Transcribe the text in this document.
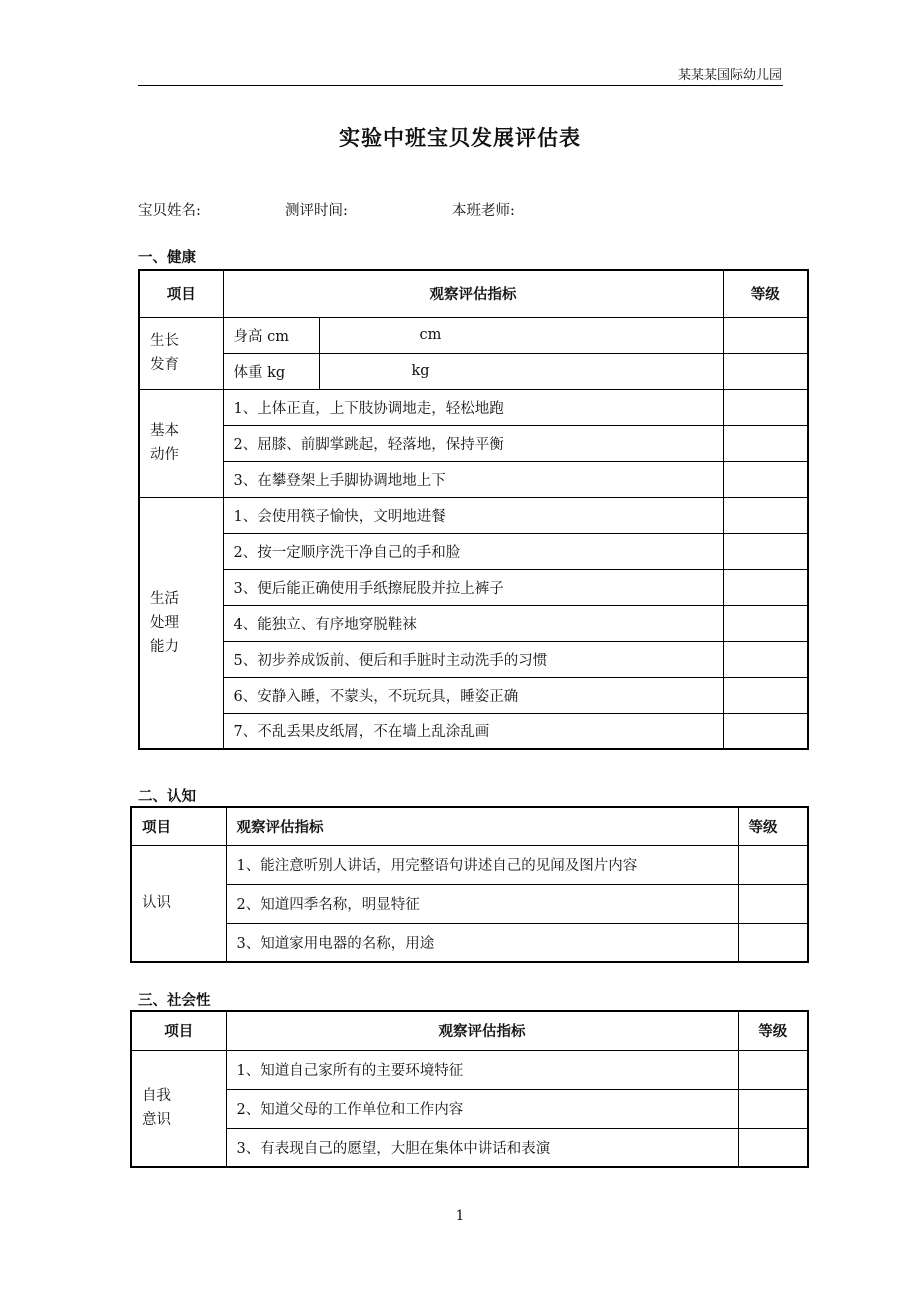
某某某国际幼儿园
实验中班宝贝发展评估表
宝贝姓名:	测评时间:	本班老师:
一、健康
项目	观察评估指标		等级

生长
发育	身高 cm	cm	
	体重 kg	kg	

基本
动作	1、上体正直，上下肢协调地走，轻松地跑		
	2、屈膝、前脚掌跳起，轻落地，保持平衡		
	3、在攀登架上手脚协调地地上下		

生活
处理
能力	1、会使用筷子愉快，文明地进餐		
	2、按一定顺序洗干净自己的手和脸		
	3、便后能正确使用手纸擦屁股并拉上裤子		
	4、能独立、有序地穿脱鞋袜		
	5、初步养成饭前、便后和手脏时主动洗手的习惯		
	6、安静入睡，不蒙头，不玩玩具，睡姿正确		
	7、不乱丢果皮纸屑，不在墙上乱涂乱画		
二、认知
项目	观察评估指标	等级

认识	1、能注意听别人讲话，用完整语句讲述自己的见闻及图片内容	
	2、知道四季名称，明显特征	
	3、知道家用电器的名称，用途	
三、社会性
项目	观察评估指标	等级

自我
意识	1、知道自己家所有的主要环境特征	
	2、知道父母的工作单位和工作内容	
	3、有表现自己的愿望，大胆在集体中讲话和表演	
1
